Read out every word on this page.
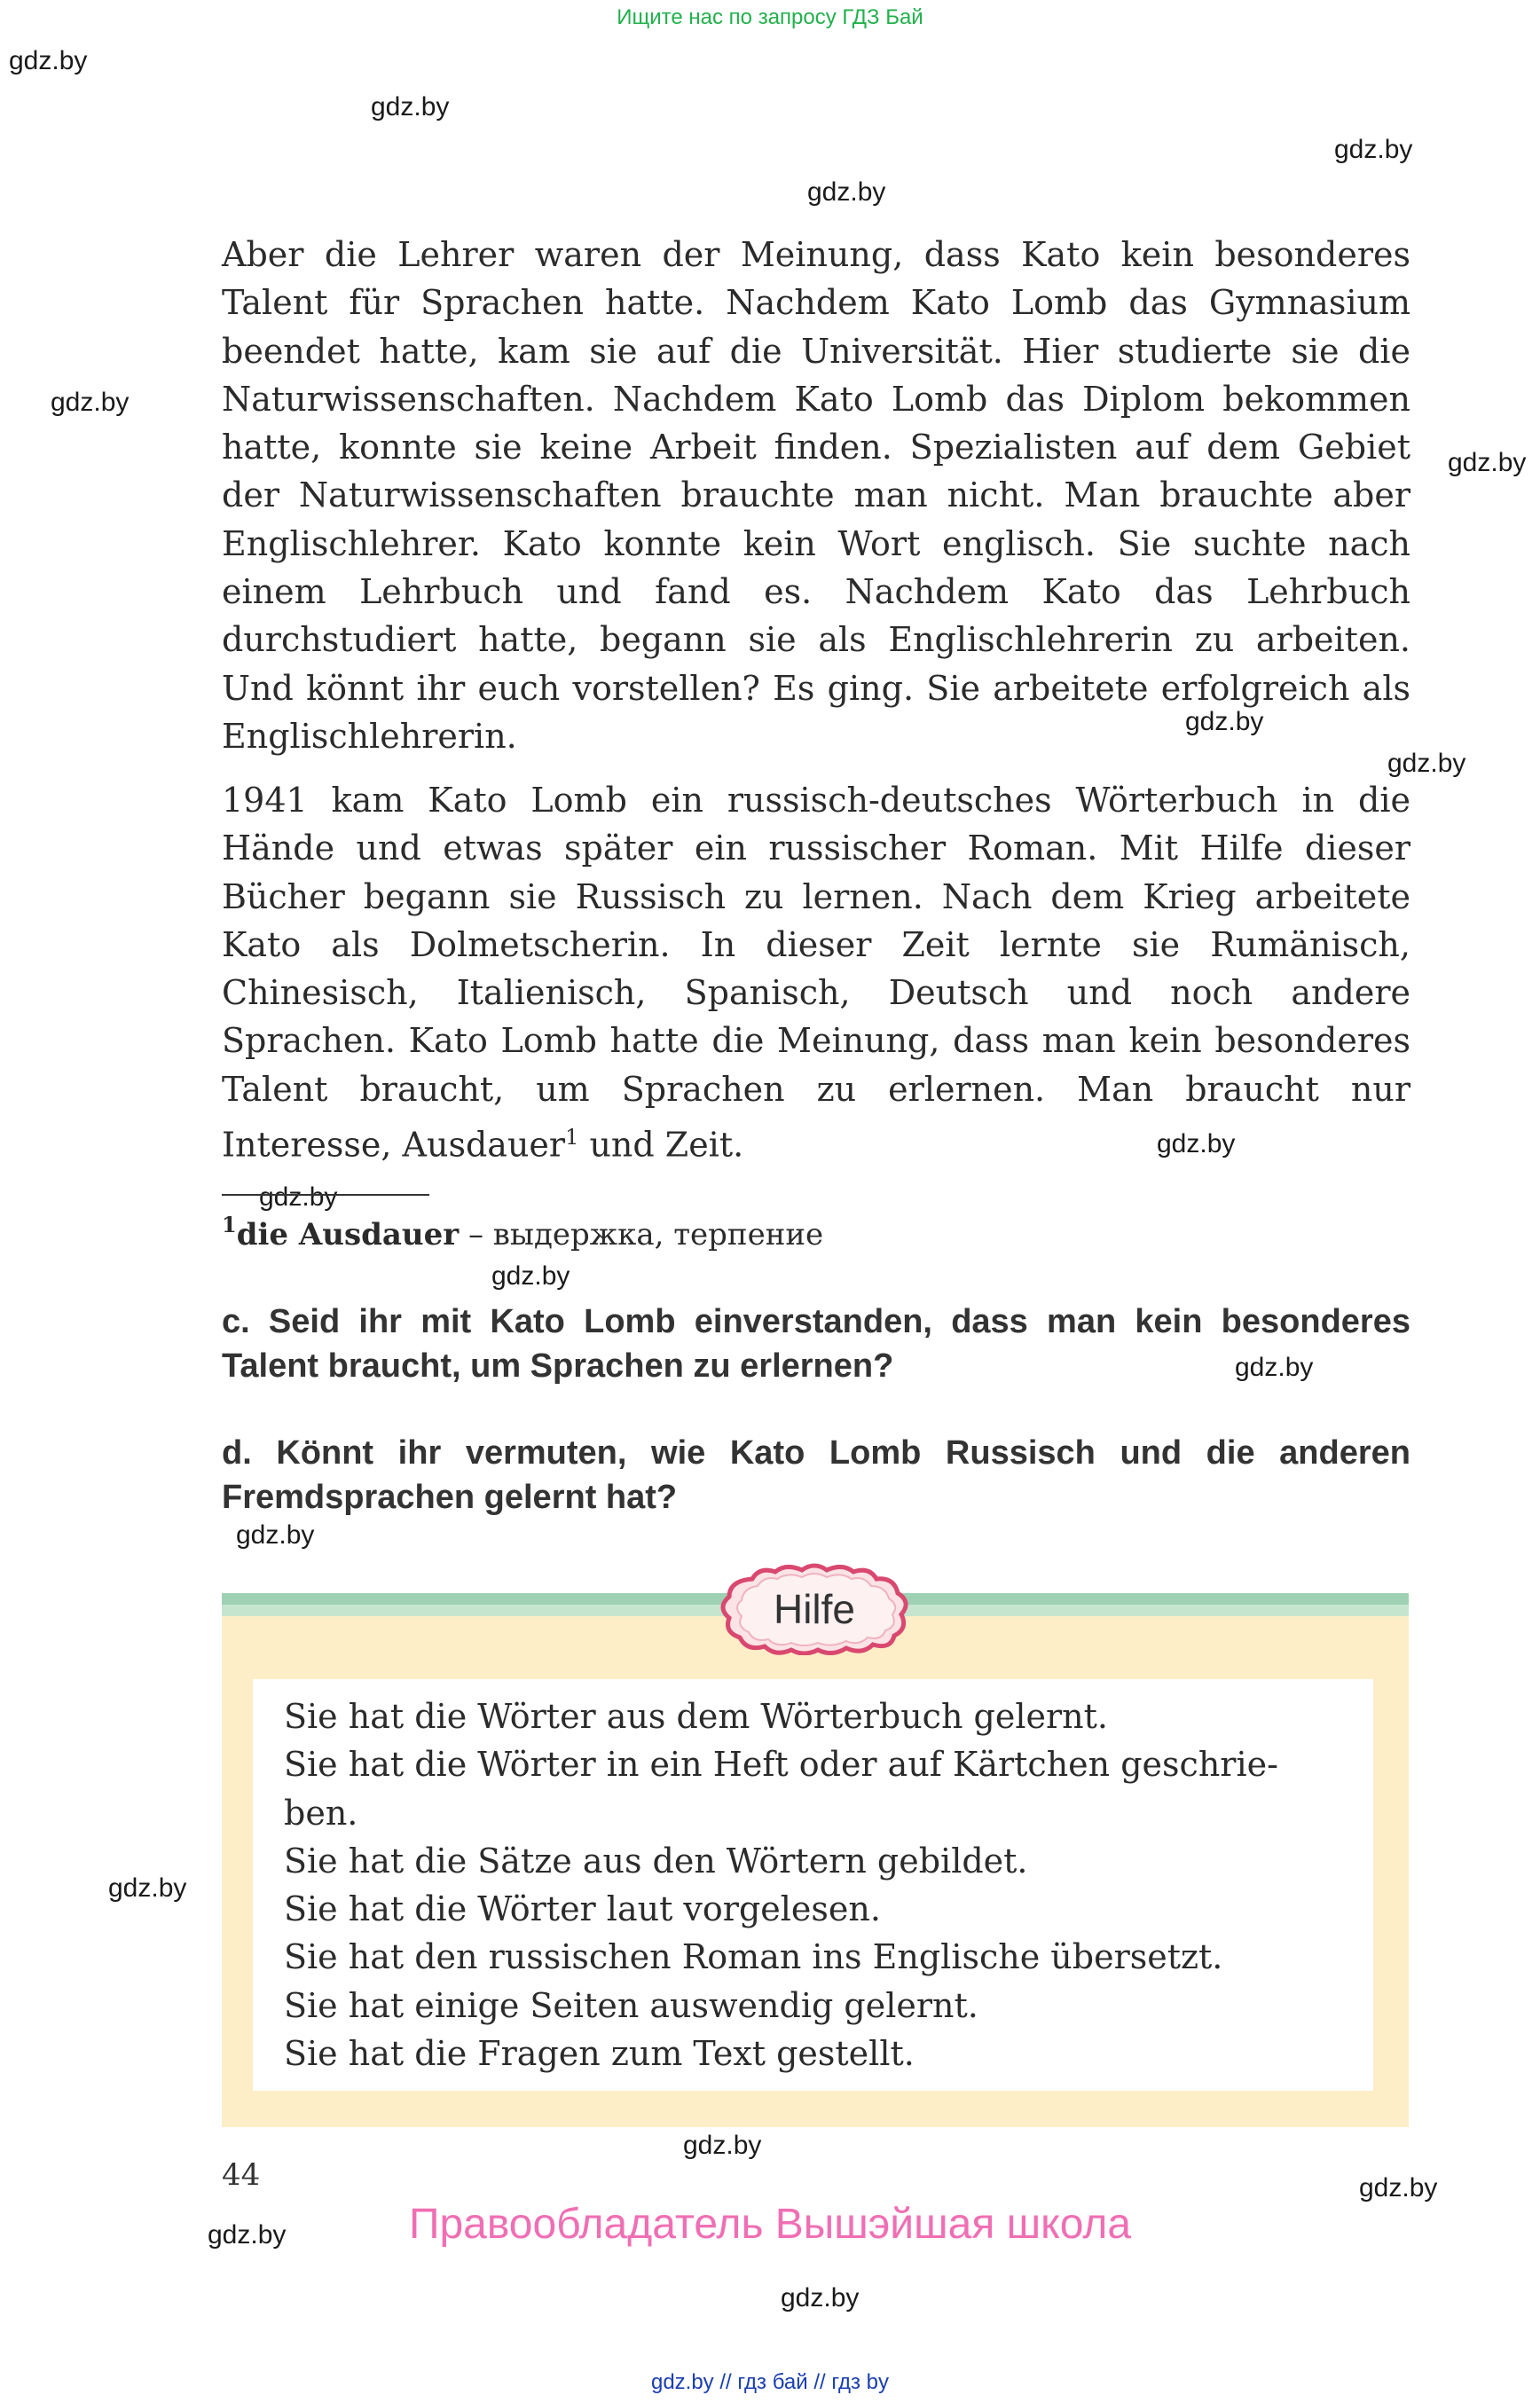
Ищите нас по запросу ГДЗ Бай
gdz.by
gdz.by
gdz.by
gdz.by
gdz.by
gdz.by
gdz.by
gdz.by
gdz.by
gdz.by
gdz.by
gdz.by
gdz.by
gdz.by
gdz.by
gdz.by
gdz.by
gdz.by

Aber die Lehrer waren der Meinung, dass Kato kein besonderes Talent für Sprachen hatte. Nachdem Kato Lomb das Gymnasium beendet hatte, kam sie auf die Universität. Hier studierte sie die Naturwissenschaften. Nachdem Kato Lomb das Diplom bekommen hatte, konnte sie keine Arbeit finden. Spezialisten auf dem Gebiet der Naturwissenschaften brauchte man nicht. Man brauchte aber Englischlehrer. Kato konnte kein Wort englisch. Sie suchte nach einem Lehrbuch und fand es. Nachdem Kato das Lehrbuch durchstudiert hatte, begann sie als Englischlehrerin zu arbeiten. Und könnt ihr euch vorstellen? Es ging. Sie arbeitete erfolgreich als Englischlehrerin.

1941 kam Kato Lomb ein russisch-deutsches Wörterbuch in die Hände und etwas später ein russischer Roman. Mit Hilfe dieser Bücher begann sie Russisch zu lernen. Nach dem Krieg arbeitete Kato als Dolmetscherin. In dieser Zeit lernte sie Rumänisch, Chinesisch, Italienisch, Spanisch, Deutsch und noch andere Sprachen. Kato Lomb hatte die Meinung, dass man kein besonderes Talent braucht, um Sprachen zu erlernen. Man braucht nur Interesse, Ausdauer$^1$ und Zeit.

$^1$die Ausdauer – выдержка, терпение

c. Seid ihr mit Kato Lomb einverstanden, dass man kein besonderes Talent braucht, um Sprachen zu erlernen?

d. Könnt ihr vermuten, wie Kato Lomb Russisch und die anderen Fremdsprachen gelernt hat?

Hilfe
Sie hat die Wörter aus dem Wörterbuch gelernt.
Sie hat die Wörter in ein Heft oder auf Kärtchen geschrie-
ben.
Sie hat die Sätze aus den Wörtern gebildet.
Sie hat die Wörter laut vorgelesen.
Sie hat den russischen Roman ins Englische übersetzt.
Sie hat einige Seiten auswendig gelernt.
Sie hat die Fragen zum Text gestellt.
44
Правообладатель Вышэйшая школа
gdz.by // гдз бай // гдз by
